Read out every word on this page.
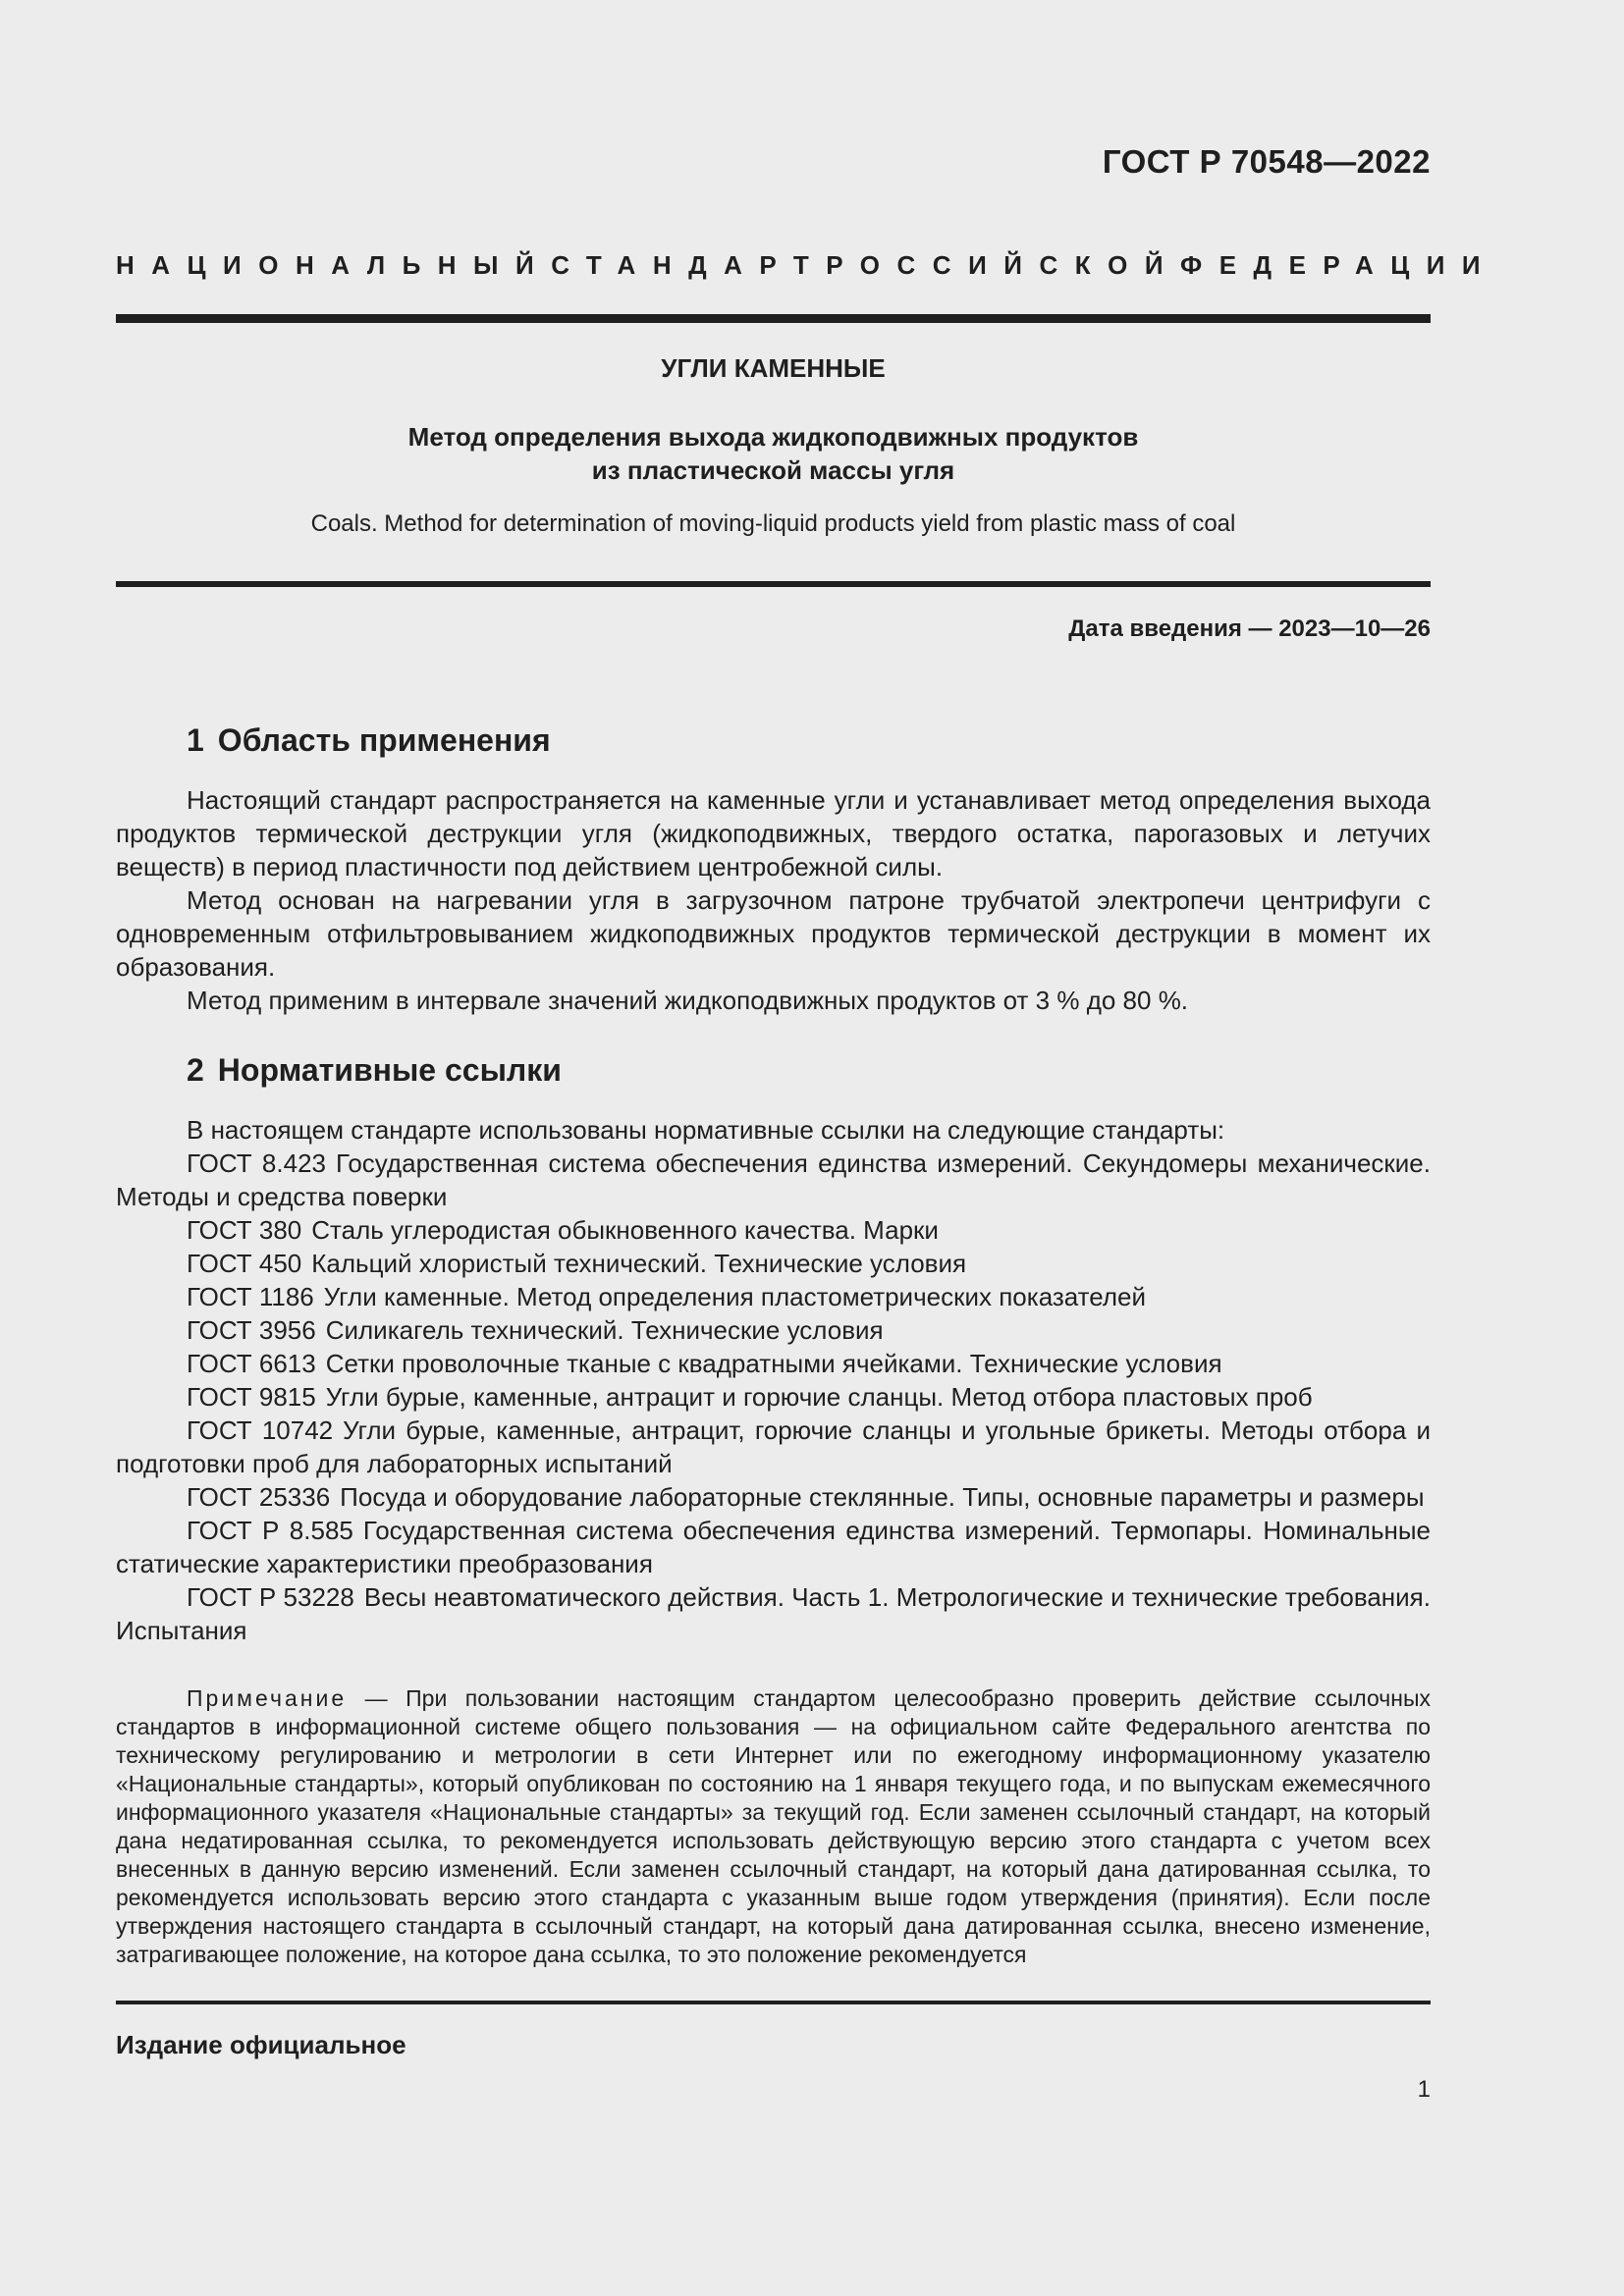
ГОСТ Р 70548—2022
НАЦИОНАЛЬНЫЙ СТАНДАРТ РОССИЙСКОЙ ФЕДЕРАЦИИ
УГЛИ КАМЕННЫЕ
Метод определения выхода жидкоподвижных продуктов
из пластической массы угля
Coals. Method for determination of moving-liquid products yield from plastic mass of coal
Дата введения — 2023—10—26
1 Область применения

Настоящий стандарт распространяется на каменные угли и устанавливает метод определения выхода продуктов термической деструкции угля (жидкоподвижных, твердого остатка, парогазовых и летучих веществ) в период пластичности под действием центробежной силы.

Метод основан на нагревании угля в загрузочном патроне трубчатой электропечи центрифуги с одновременным отфильтровыванием жидкоподвижных продуктов термической деструкции в момент их образования.

Метод применим в интервале значений жидкоподвижных продуктов от 3 % до 80 %.

2 Нормативные ссылки

В настоящем стандарте использованы нормативные ссылки на следующие стандарты:

ГОСТ 8.423 Государственная система обеспечения единства измерений. Секундомеры механические. Методы и средства поверки

ГОСТ 380 Сталь углеродистая обыкновенного качества. Марки

ГОСТ 450 Кальций хлористый технический. Технические условия

ГОСТ 1186 Угли каменные. Метод определения пластометрических показателей

ГОСТ 3956 Силикагель технический. Технические условия

ГОСТ 6613 Сетки проволочные тканые с квадратными ячейками. Технические условия

ГОСТ 9815 Угли бурые, каменные, антрацит и горючие сланцы. Метод отбора пластовых проб

ГОСТ 10742 Угли бурые, каменные, антрацит, горючие сланцы и угольные брикеты. Методы отбора и подготовки проб для лабораторных испытаний

ГОСТ 25336 Посуда и оборудование лабораторные стеклянные. Типы, основные параметры и размеры

ГОСТ Р 8.585 Государственная система обеспечения единства измерений. Термопары. Номинальные статические характеристики преобразования

ГОСТ Р 53228 Весы неавтоматического действия. Часть 1. Метрологические и технические требования. Испытания

Примечание — При пользовании настоящим стандартом целесообразно проверить действие ссылочных стандартов в информационной системе общего пользования — на официальном сайте Федерального агентства по техническому регулированию и метрологии в сети Интернет или по ежегодному информационному указателю «Национальные стандарты», который опубликован по состоянию на 1 января текущего года, и по выпускам ежемесячного информационного указателя «Национальные стандарты» за текущий год. Если заменен ссылочный стандарт, на который дана недатированная ссылка, то рекомендуется использовать действующую версию этого стандарта с учетом всех внесенных в данную версию изменений. Если заменен ссылочный стандарт, на который дана датированная ссылка, то рекомендуется использовать версию этого стандарта с указанным выше годом утверждения (принятия). Если после утверждения настоящего стандарта в ссылочный стандарт, на который дана датированная ссылка, внесено изменение, затрагивающее положение, на которое дана ссылка, то это положение рекомендуется
Издание официальное
1
